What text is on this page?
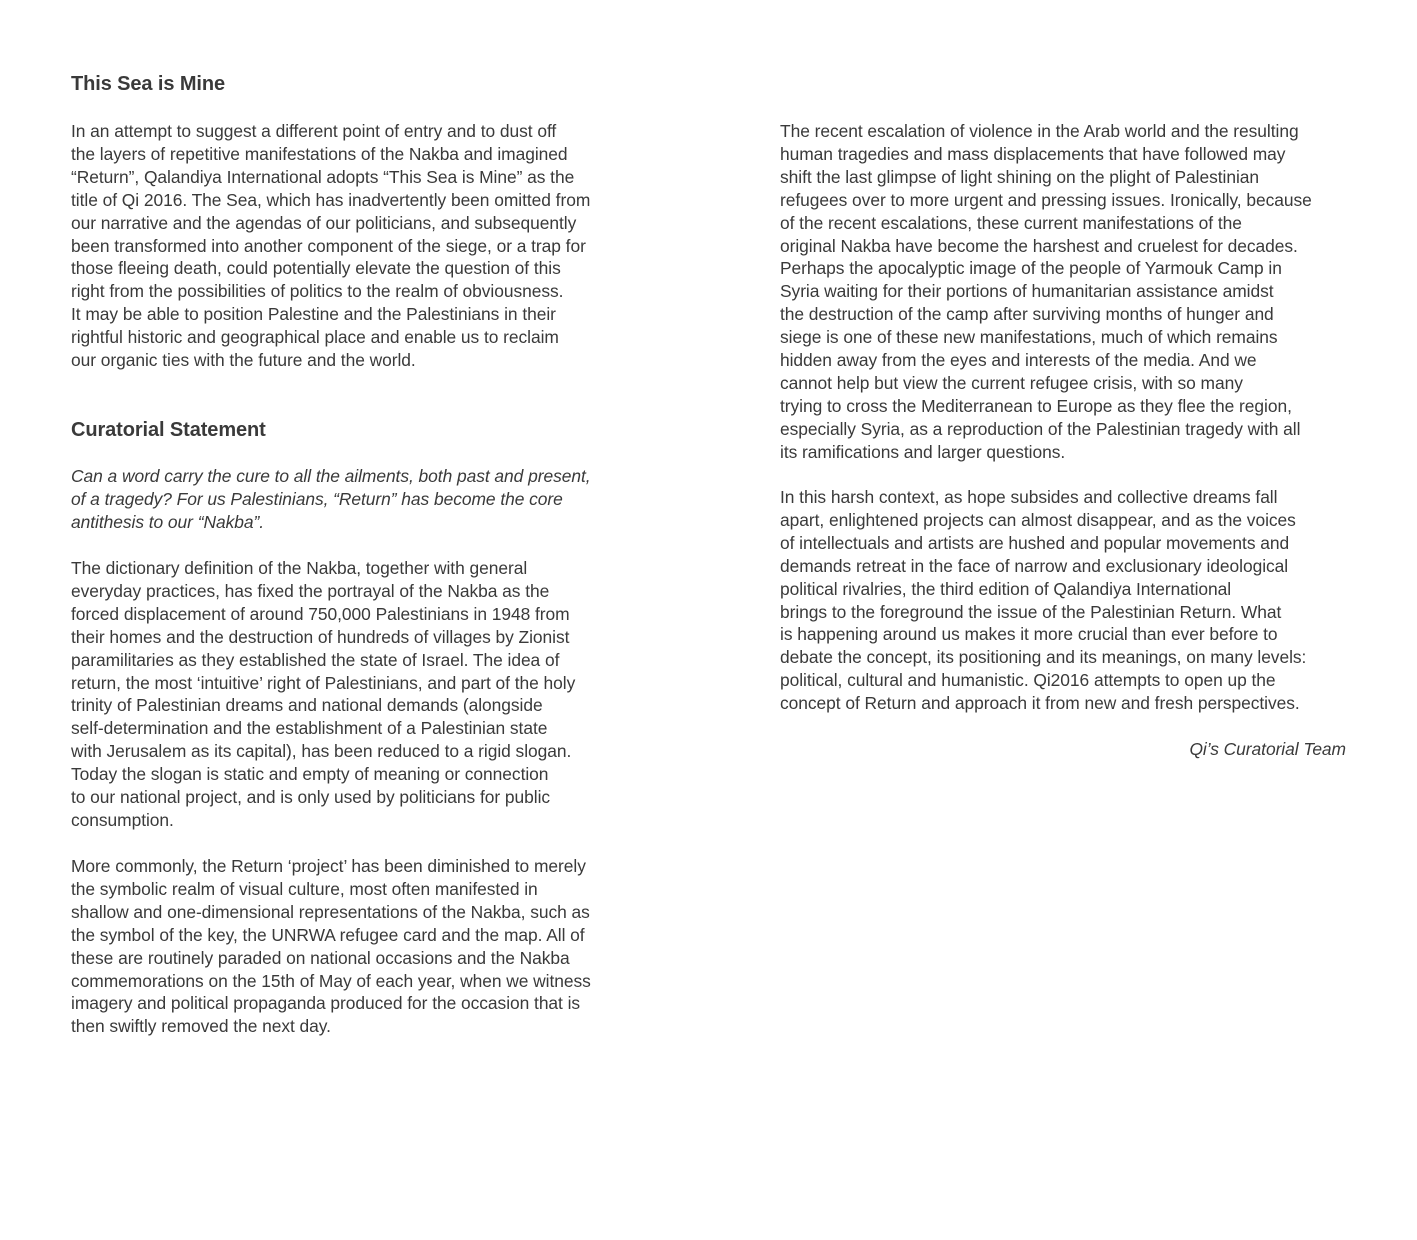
This Sea is Mine

In an attempt to suggest a different point of entry and to dust off
the layers of repetitive manifestations of the Nakba and imagined
“Return”, Qalandiya International adopts “This Sea is Mine” as the
title of Qi 2016. The Sea, which has inadvertently been omitted from
our narrative and the agendas of our politicians, and subsequently
been transformed into another component of the siege, or a trap for
those fleeing death, could potentially elevate the question of this
right from the possibilities of politics to the realm of obviousness.
It may be able to position Palestine and the Palestinians in their
rightful historic and geographical place and enable us to reclaim
our organic ties with the future and the world.

Curatorial Statement

Can a word carry the cure to all the ailments, both past and present,
of a tragedy? For us Palestinians, “Return” has become the core
antithesis to our “Nakba”.

The dictionary definition of the Nakba, together with general
everyday practices, has fixed the portrayal of the Nakba as the
forced displacement of around 750,000 Palestinians in 1948 from
their homes and the destruction of hundreds of villages by Zionist
paramilitaries as they established the state of Israel. The idea of
return, the most ‘intuitive’ right of Palestinians, and part of the holy
trinity of Palestinian dreams and national demands (alongside
self-determination and the establishment of a Palestinian state
with Jerusalem as its capital), has been reduced to a rigid slogan.
Today the slogan is static and empty of meaning or connection
to our national project, and is only used by politicians for public
consumption.

More commonly, the Return ‘project’ has been diminished to merely
the symbolic realm of visual culture, most often manifested in
shallow and one-dimensional representations of the Nakba, such as
the symbol of the key, the UNRWA refugee card and the map. All of
these are routinely paraded on national occasions and the Nakba
commemorations on the 15th of May of each year, when we witness
imagery and political propaganda produced for the occasion that is
then swiftly removed the next day.

The recent escalation of violence in the Arab world and the resulting
human tragedies and mass displacements that have followed may
shift the last glimpse of light shining on the plight of Palestinian
refugees over to more urgent and pressing issues. Ironically, because
of the recent escalations, these current manifestations of the
original Nakba have become the harshest and cruelest for decades.
Perhaps the apocalyptic image of the people of Yarmouk Camp in
Syria waiting for their portions of humanitarian assistance amidst
the destruction of the camp after surviving months of hunger and
siege is one of these new manifestations, much of which remains
hidden away from the eyes and interests of the media. And we
cannot help but view the current refugee crisis, with so many
trying to cross the Mediterranean to Europe as they flee the region,
especially Syria, as a reproduction of the Palestinian tragedy with all
its ramifications and larger questions.

In this harsh context, as hope subsides and collective dreams fall
apart, enlightened projects can almost disappear, and as the voices
of intellectuals and artists are hushed and popular movements and
demands retreat in the face of narrow and exclusionary ideological
political rivalries, the third edition of Qalandiya International
brings to the foreground the issue of the Palestinian Return. What
is happening around us makes it more crucial than ever before to
debate the concept, its positioning and its meanings, on many levels:
political, cultural and humanistic. Qi2016 attempts to open up the
concept of Return and approach it from new and fresh perspectives.

Qi’s Curatorial Team
